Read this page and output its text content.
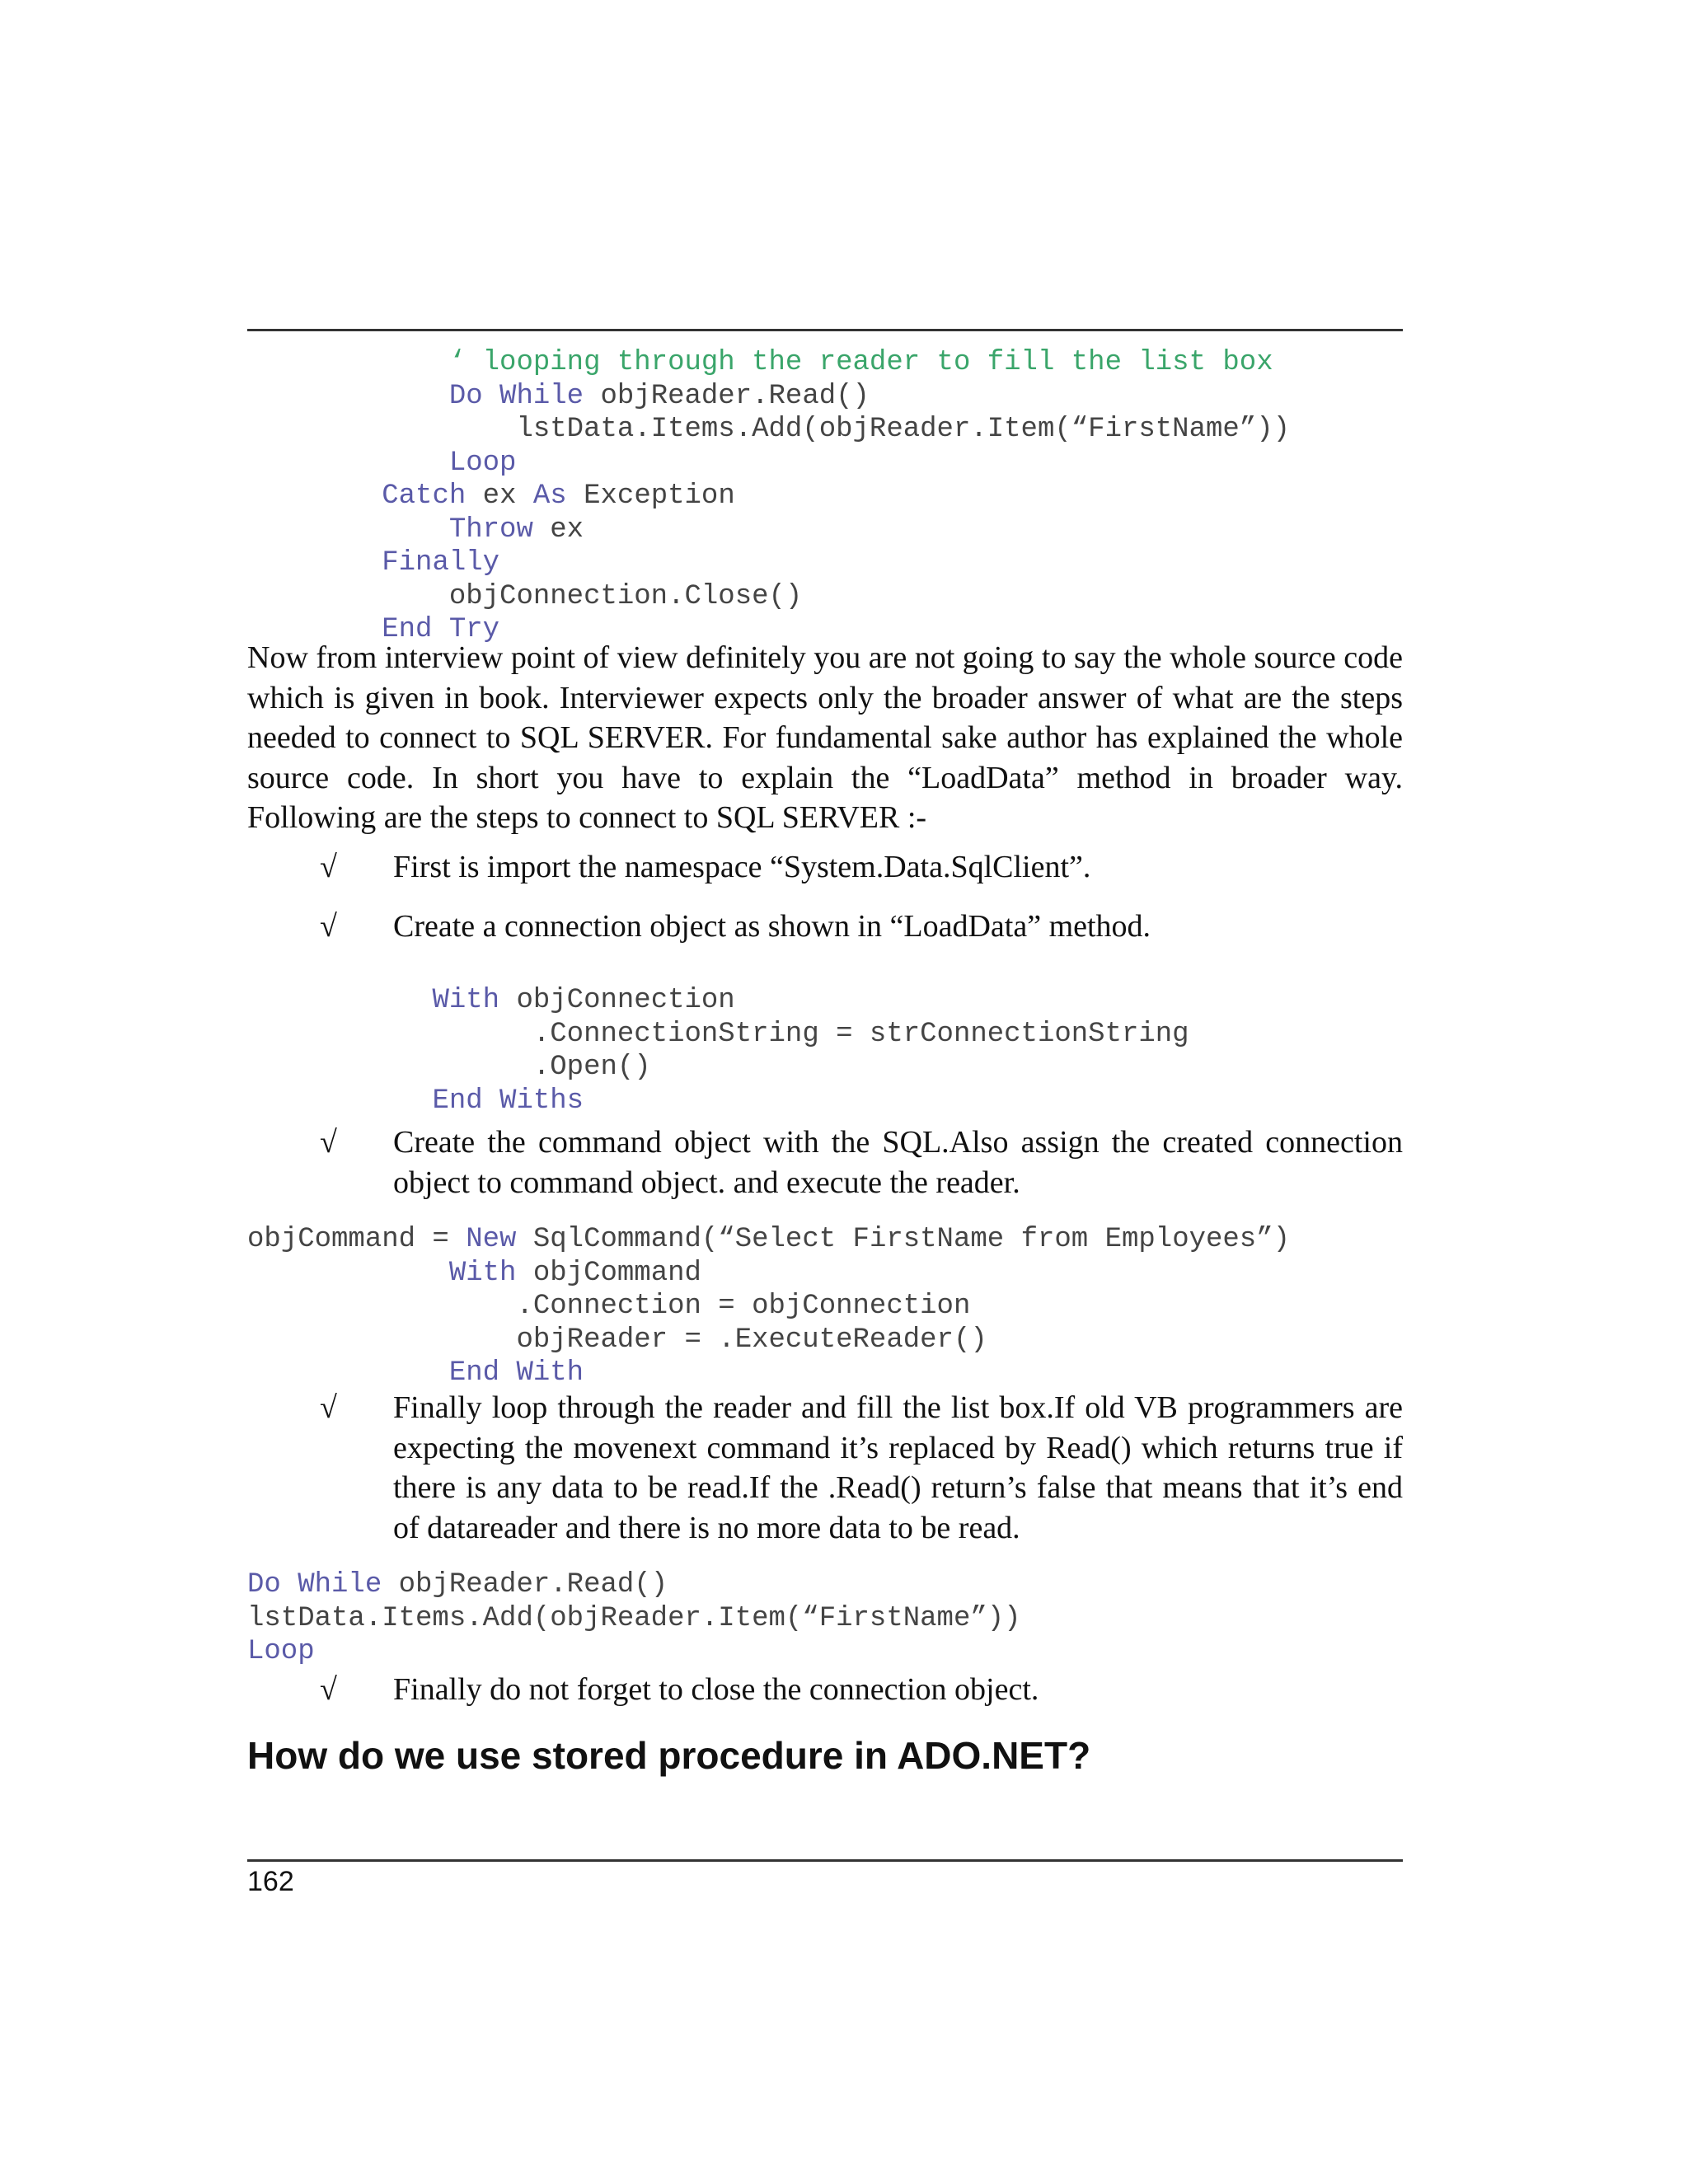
‘ looping through the reader to fill the list box
Do While objReader.Read()
lstData.Items.Add(objReader.Item(“FirstName”))
Loop
Catch ex As Exception
Throw ex
Finally
objConnection.Close()
End Try

Now from interview point of view definitely you are not going to say the whole source code which is given in book. Interviewer expects only the broader answer of what are the steps needed to connect to SQL SERVER. For fundamental sake author has explained the whole source code. In short you have to explain the “LoadData” method in broader way. Following are the steps to connect to SQL SERVER :-

√ First is import the namespace “System.Data.SqlClient”.
√ Create a connection object as shown in “LoadData” method.
With objConnection
.ConnectionString = strConnectionString
.Open()
End Withs
√ Create the command object with the SQL.Also assign the created connection object to command object. and execute the reader.
objCommand = New SqlCommand(“Select FirstName from Employees”)
With objCommand
.Connection = objConnection
objReader = .ExecuteReader()
End With
√ Finally loop through the reader and fill the list box.If old VB programmers are expecting the movenext command it’s replaced by Read() which returns true if there is any data to be read.If the .Read() return’s false that means that it’s end of datareader and there is no more data to be read.
Do While objReader.Read()
lstData.Items.Add(objReader.Item(“FirstName”))
Loop
√ Finally do not forget to close the connection object.
How do we use stored procedure in ADO.NET?

162
